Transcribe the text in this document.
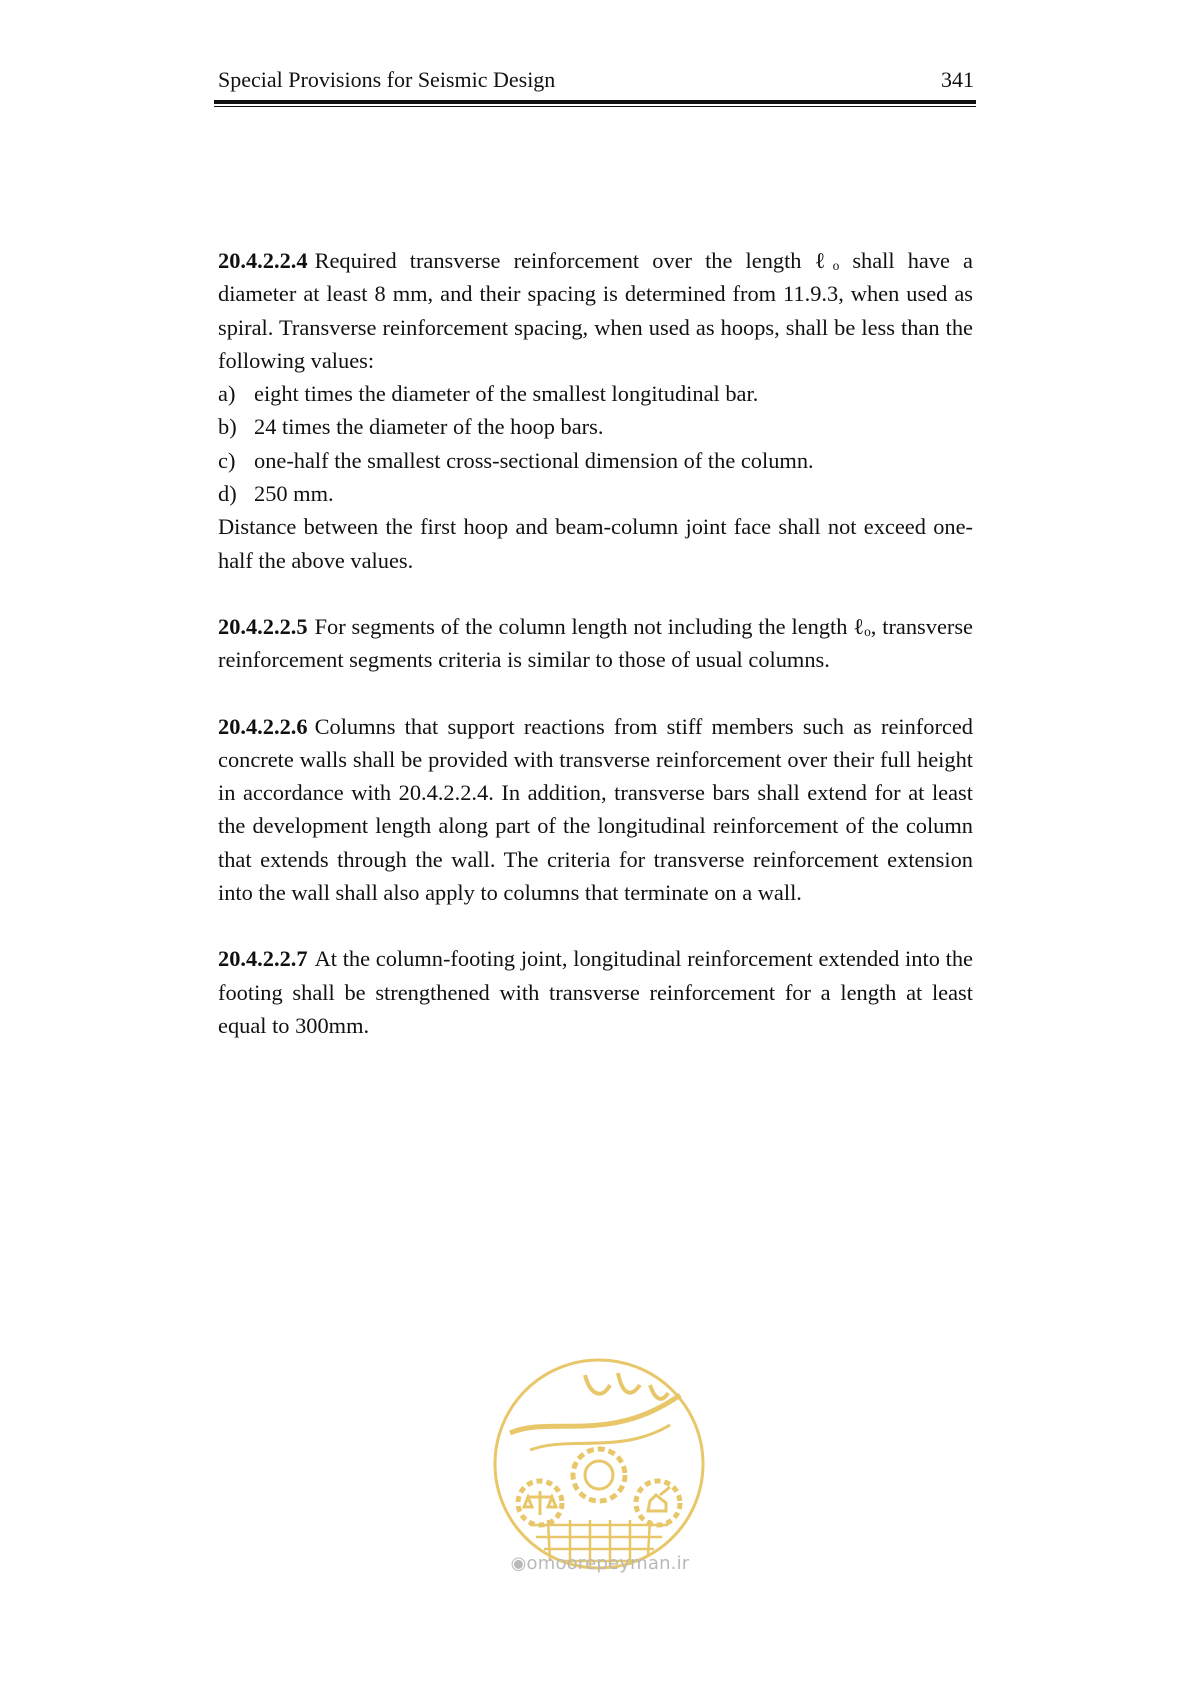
Special Provisions for Seismic Design	341

20.4.2.2.4 Required transverse reinforcement over the length ℓₒ shall have a diameter at least 8 mm, and their spacing is determined from 11.9.3, when used as spiral. Transverse reinforcement spacing, when used as hoops, shall be less than the following values:

a) eight times the diameter of the smallest longitudinal bar.
b) 24 times the diameter of the hoop bars.
c) one-half the smallest cross-sectional dimension of the column.
d) 250 mm.

Distance between the first hoop and beam-column joint face shall not exceed one-half the above values.

20.4.2.2.5 For segments of the column length not including the length ℓₒ, transverse reinforcement segments criteria is similar to those of usual columns.

20.4.2.2.6 Columns that support reactions from stiff members such as reinforced concrete walls shall be provided with transverse reinforcement over their full height in accordance with 20.4.2.2.4. In addition, transverse bars shall extend for at least the development length along part of the longitudinal reinforcement of the column that extends through the wall. The criteria for transverse reinforcement extension into the wall shall also apply to columns that terminate on a wall.

20.4.2.2.7 At the column-footing joint, longitudinal reinforcement extended into the footing shall be strengthened with transverse reinforcement for a length at least equal to 300mm.

◉omoorepeyman.ir
